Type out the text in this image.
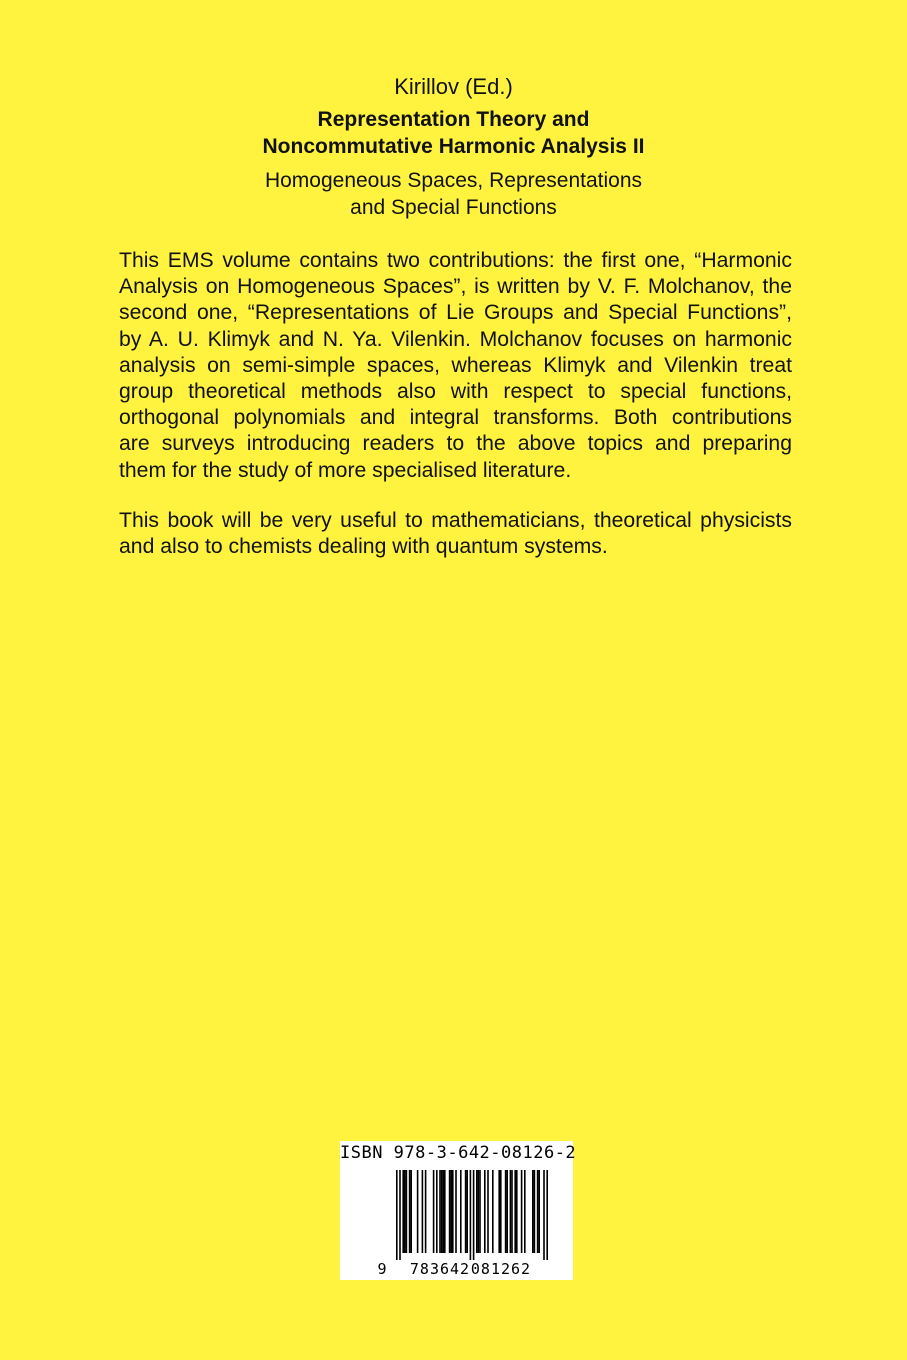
Kirillov (Ed.)
Representation Theory and
Noncommutative Harmonic Analysis II
Homogeneous Spaces, Representations
and Special Functions
This EMS volume contains two contributions: the first one, “Harmonic
Analysis on Homogeneous Spaces”, is written by V. F. Molchanov, the
second one, “Representations of Lie Groups and Special Functions”,
by A. U. Klimyk and N. Ya. Vilenkin. Molchanov focuses on harmonic
analysis on semi-simple spaces, whereas Klimyk and Vilenkin treat
group theoretical methods also with respect to special functions,
orthogonal polynomials and integral transforms. Both contributions
are surveys introducing readers to the above topics and preparing
them for the study of more specialised literature.
This book will be very useful to mathematicians, theoretical physicists
and also to chemists dealing with quantum systems.
ISBN 978-3-642-08126-2
9 783642 081262
